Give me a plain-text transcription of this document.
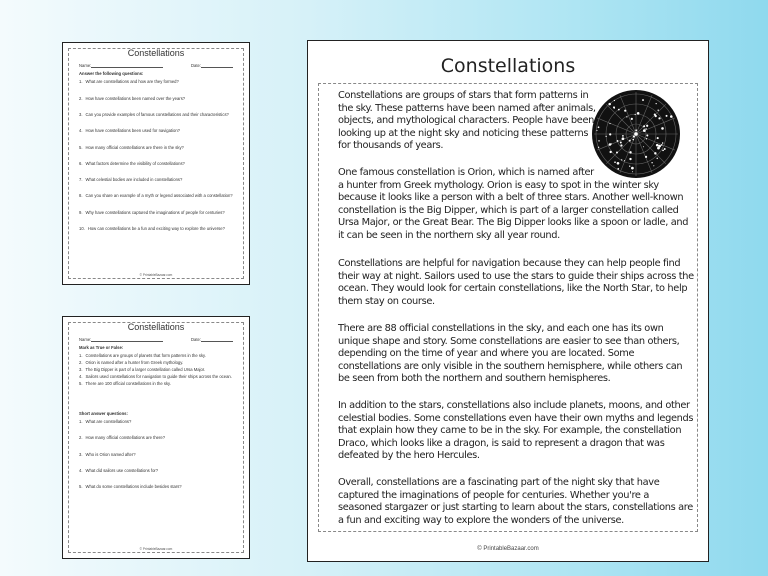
Constellations
Name:	Date:
Answer the following questions:
1. What are constellations and how are they formed?
2. How have constellations been named over the years?
3. Can you provide examples of famous constellations and their characteristics?
4. How have constellations been used for navigation?
5. How many official constellations are there in the sky?
6. What factors determine the visibility of constellations?
7. What celestial bodies are included in constellations?
8. Can you share an example of a myth or legend associated with a constellation?
9. Why have constellations captured the imaginations of people for centuries?
10. How can constellations be a fun and exciting way to explore the universe?
© PrintableBazaar.com
Constellations
Name:	Date:
Mark as True or False:
1. Constellations are groups of planets that form patterns in the sky.
2. Orion is named after a hunter from Greek mythology.
3. The Big Dipper is part of a larger constellation called Ursa Major.
4. Sailors used constellations for navigation to guide their ships across the ocean.
5. There are 100 official constellations in the sky.
Short answer questions:
1. What are constellations?
2. How many official constellations are there?
3. Who is Orion named after?
4. What did sailors use constellations for?
5. What do some constellations include besides stars?
© PrintableBazaar.com
Constellations
Constellations are groups of stars that form patterns in
the sky. These patterns have been named after animals,
objects, and mythological characters. People have been
looking up at the night sky and noticing these patterns
for thousands of years.
One famous constellation is Orion, which is named after
a hunter from Greek mythology. Orion is easy to spot in the winter sky
because it looks like a person with a belt of three stars. Another well-known
constellation is the Big Dipper, which is part of a larger constellation called
Ursa Major, or the Great Bear. The Big Dipper looks like a spoon or ladle, and
it can be seen in the northern sky all year round.
Constellations are helpful for navigation because they can help people find
their way at night. Sailors used to use the stars to guide their ships across the
ocean. They would look for certain constellations, like the North Star, to help
them stay on course.
There are 88 official constellations in the sky, and each one has its own
unique shape and story. Some constellations are easier to see than others,
depending on the time of year and where you are located. Some
constellations are only visible in the southern hemisphere, while others can
be seen from both the northern and southern hemispheres.
In addition to the stars, constellations also include planets, moons, and other
celestial bodies. Some constellations even have their own myths and legends
that explain how they came to be in the sky. For example, the constellation
Draco, which looks like a dragon, is said to represent a dragon that was
defeated by the hero Hercules.
Overall, constellations are a fascinating part of the night sky that have
captured the imaginations of people for centuries. Whether you're a
seasoned stargazer or just starting to learn about the stars, constellations are
a fun and exciting way to explore the wonders of the universe.
© PrintableBazaar.com
